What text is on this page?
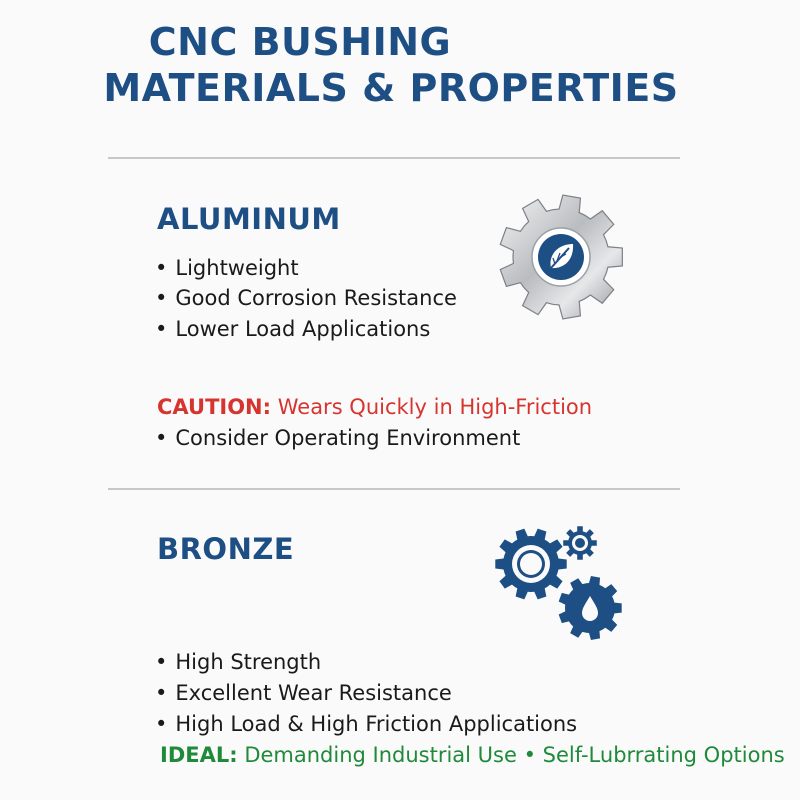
CNC BUSHING
MATERIALS & PROPERTIES
ALUMINUM
• Lightweight
• Good Corrosion Resistance
• Lower Load Applications
CAUTION: Wears Quickly in High-Friction
• Consider Operating Environment
BRONZE
• High Strength
• Excellent Wear Resistance
• High Load & High Friction Applications
IDEAL: Demanding Industrial Use • Self-Lubrrating Options
